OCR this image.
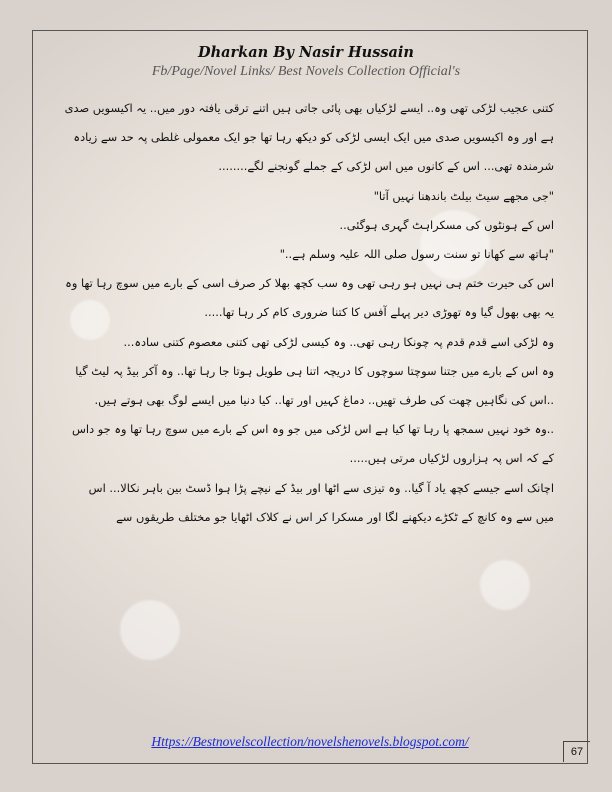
Dharkan By Nasir Hussain
Fb/Page/Novel Links/ Best Novels Collection Official's

کتنی عجیب لڑکی تھی وہ.. ایسے لڑکیاں بھی پائی جاتی ہیں اتنے ترقی یافتہ دور میں.. یہ اکیسویں صدی

ہے اور وہ اکیسویں صدی میں ایک ایسی لڑکی کو دیکھ رہا تھا جو ایک معمولی غلطی پہ حد سے زیادہ

شرمندہ تھی... اس کے کانوں میں اس لڑکی کے جملے گونجنے لگے........

"جی مجھے سیٹ بیلٹ باندھنا نہیں آتا"

اس کے ہونٹوں کی مسکراہٹ گہری ہوگئی..

"ہاتھ سے کھانا تو سنت رسول صلی اللہ علیہ وسلم ہے.."

اس کی حیرت ختم ہی نہیں ہو رہی تھی وہ سب کچھ بھلا کر صرف اسی کے بارے میں سوچ رہا تھا وہ

یہ بھی بھول گیا وہ تھوڑی دیر پہلے آفس کا کتنا ضروری کام کر رہا تھا.....

وہ لڑکی اسے قدم قدم پہ چونکا رہی تھی.. وہ کیسی لڑکی تھی کتنی معصوم کتنی سادہ...

وہ اس کے بارے میں جتنا سوچتا سوچوں کا دریچہ اتنا ہی طویل ہوتا جا رہا تھا.. وہ آکر بیڈ پہ لیٹ گیا

..اس کی نگاہیں چھت کی طرف تھیں.. دماغ کہیں اور تھا.. کیا دنیا میں ایسے لوگ بھی ہوتے ہیں.

..وہ خود نہیں سمجھ پا رہا تھا کیا ہے اس لڑکی میں جو وہ اس کے بارے میں سوچ رہا تھا وہ جو داس

کے کہ اس پہ ہزاروں لڑکیاں مرتی ہیں.....

اچانک اسے جیسے کچھ یاد آ گیا.. وہ تیزی سے اٹھا اور بیڈ کے نیچے پڑا ہوا ڈسٹ بین باہر نکالا... اس

میں سے وہ کانچ کے ٹکڑے دیکھنے لگا اور مسکرا کر اس نے کلاک اٹھایا جو مختلف طریقوں سے

Https://Bestnovelscollection/novelshenovels.blogspot.com/
67
